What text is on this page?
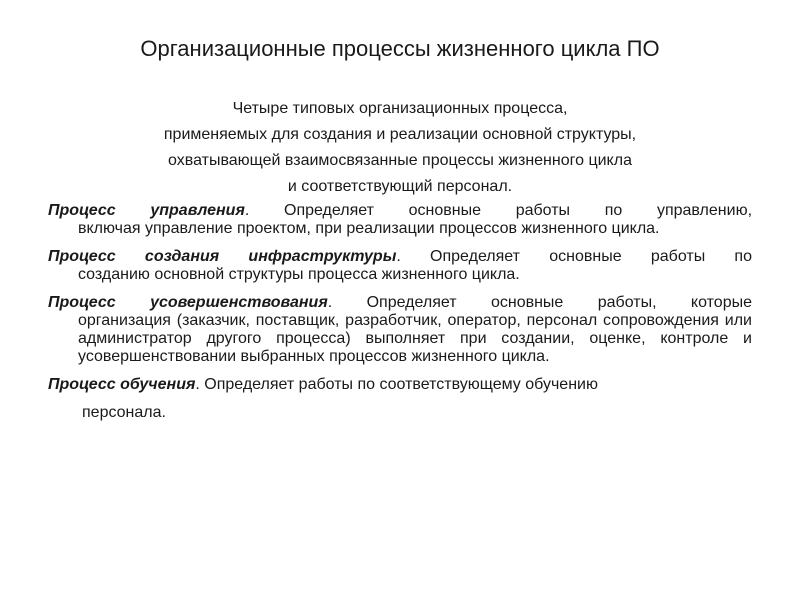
Организационные процессы жизненного цикла ПО
Четыре типовых организационных процесса,
применяемых для создания и реализации основной структуры,
охватывающей взаимосвязанные процессы жизненного цикла
и соответствующий персонал.
Процесс управления. Определяет основные работы по управлению,
включая управление проектом, при реализации процессов жизненного цикла.
Процесс создания инфраструктуры. Определяет основные работы по
созданию основной структуры процесса жизненного цикла.
Процесс усовершенствования. Определяет основные работы, которые
организация (заказчик, поставщик, разработчик, оператор, персонал сопровождения или администратор другого процесса) выполняет при создании, оценке, контроле и усовершенствовании выбранных процессов жизненного цикла.
Процесс обучения. Определяет работы по соответствующему обучению
персонала.
